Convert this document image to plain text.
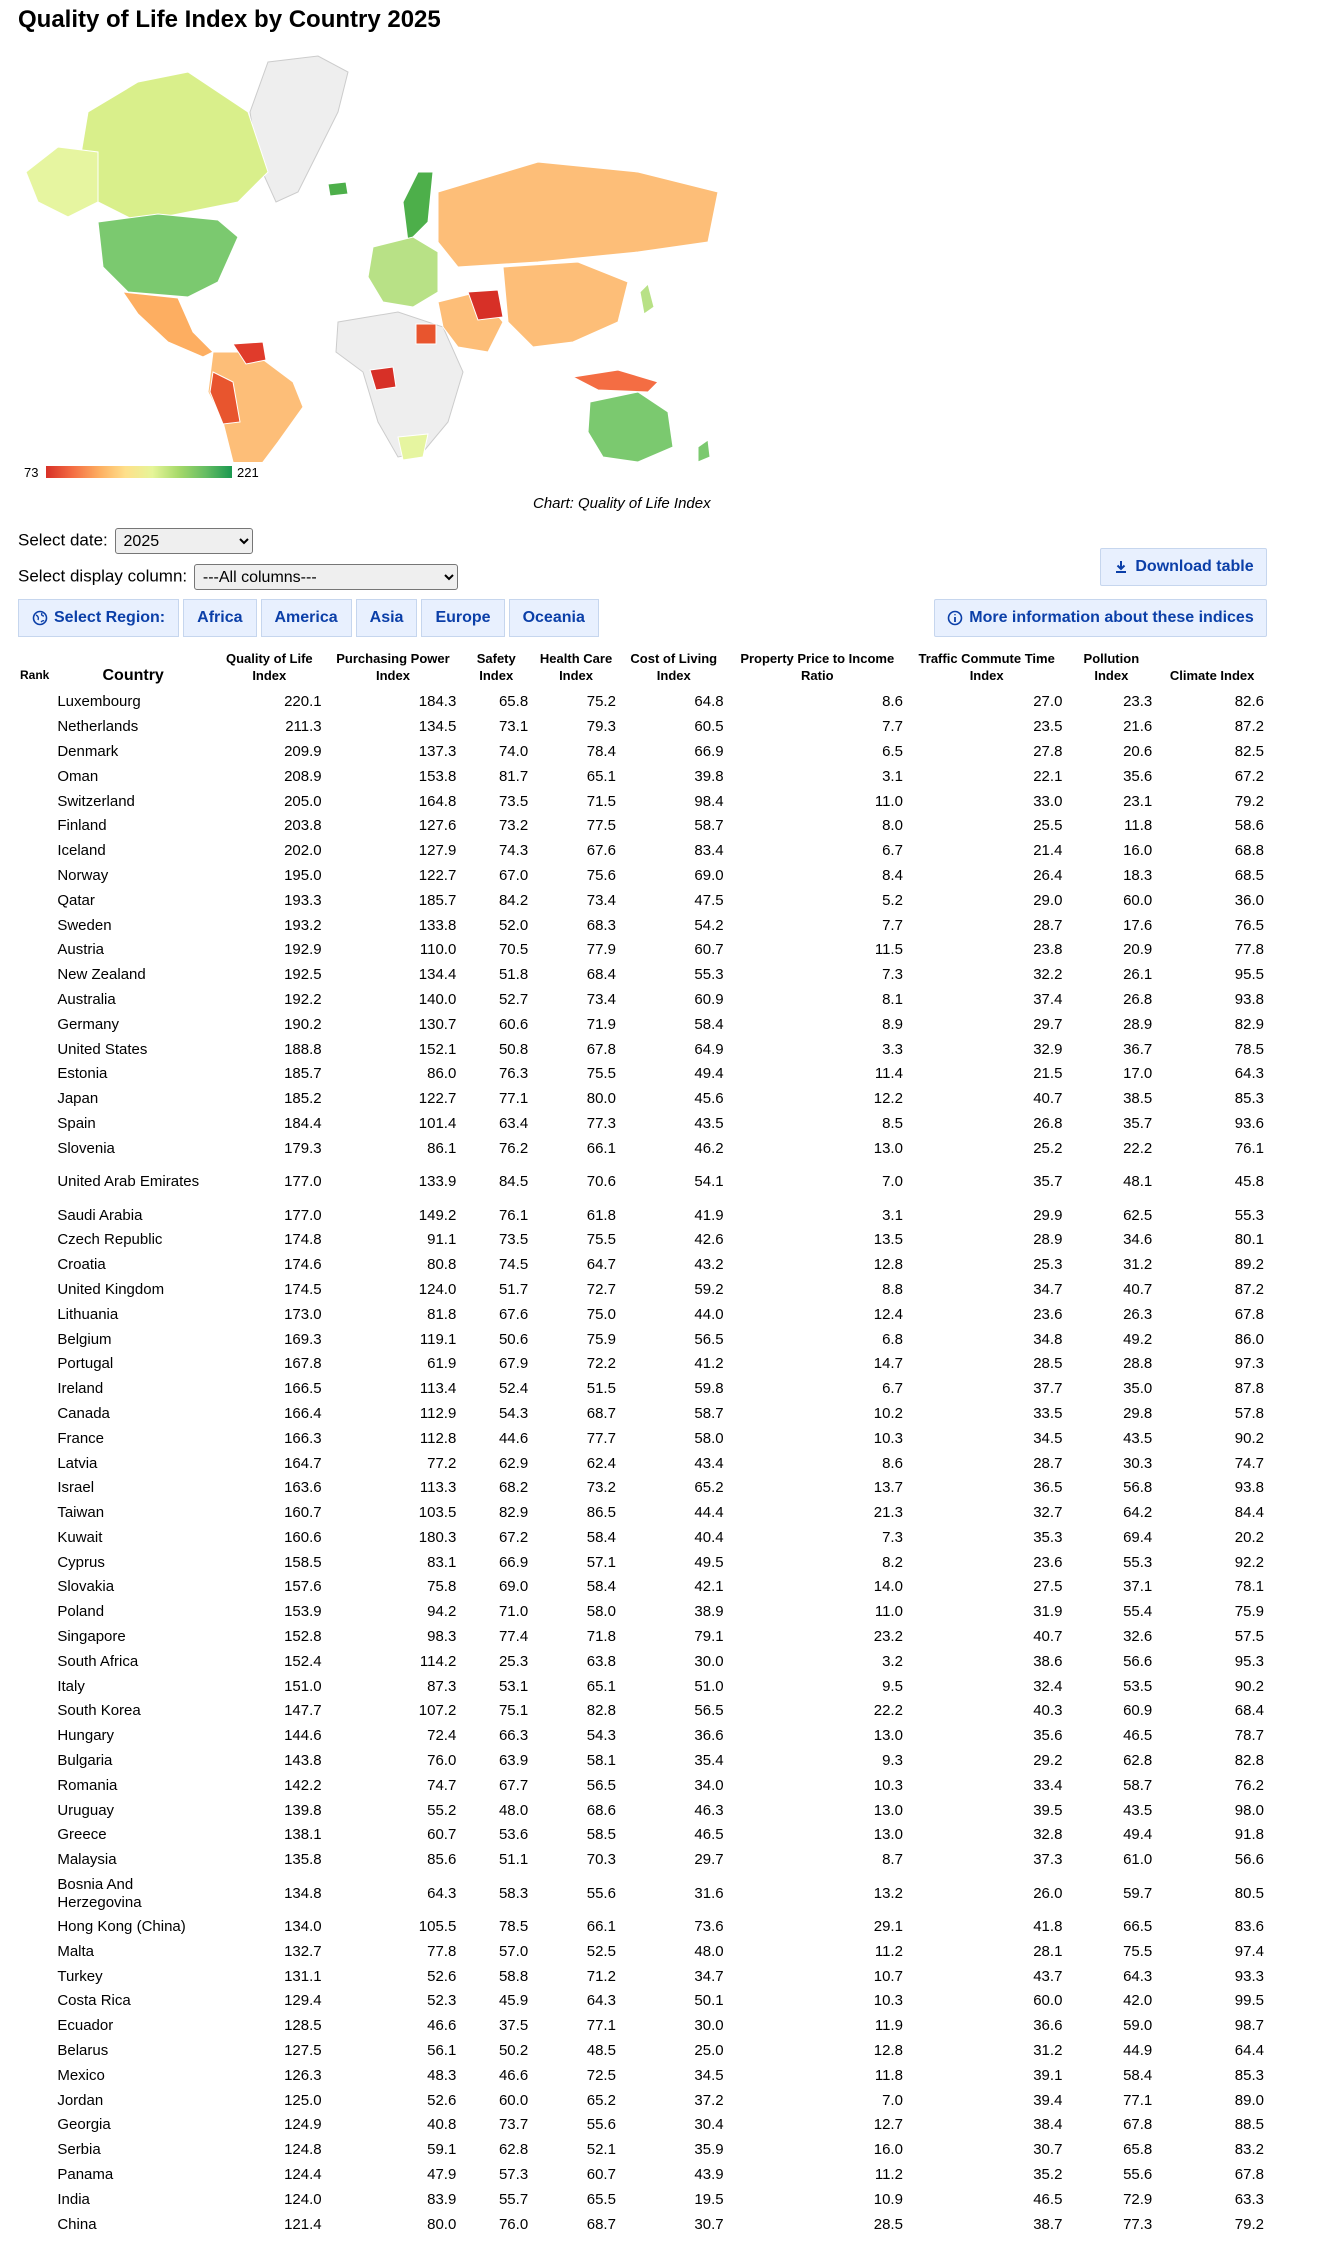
Quality of Life Index by Country 2025
73	221
Chart: Quality of Life Index
Select date:
2025
Select display column:
---All columns---	Download table
Select Region: Africa America Asia Europe Oceania	More information about these indices
Rank	Country	Quality of Life Index	Purchasing Power Index	Safety Index	Health Care Index	Cost of Living Index	Property Price to Income Ratio	Traffic Commute Time Index	Pollution Index	Climate Index
	Luxembourg	220.1	184.3	65.8	75.2	64.8	8.6	27.0	23.3	82.6
	Netherlands	211.3	134.5	73.1	79.3	60.5	7.7	23.5	21.6	87.2
	Denmark	209.9	137.3	74.0	78.4	66.9	6.5	27.8	20.6	82.5
	Oman	208.9	153.8	81.7	65.1	39.8	3.1	22.1	35.6	67.2
	Switzerland	205.0	164.8	73.5	71.5	98.4	11.0	33.0	23.1	79.2
	Finland	203.8	127.6	73.2	77.5	58.7	8.0	25.5	11.8	58.6
	Iceland	202.0	127.9	74.3	67.6	83.4	6.7	21.4	16.0	68.8
	Norway	195.0	122.7	67.0	75.6	69.0	8.4	26.4	18.3	68.5
	Qatar	193.3	185.7	84.2	73.4	47.5	5.2	29.0	60.0	36.0
	Sweden	193.2	133.8	52.0	68.3	54.2	7.7	28.7	17.6	76.5
	Austria	192.9	110.0	70.5	77.9	60.7	11.5	23.8	20.9	77.8
	New Zealand	192.5	134.4	51.8	68.4	55.3	7.3	32.2	26.1	95.5
	Australia	192.2	140.0	52.7	73.4	60.9	8.1	37.4	26.8	93.8
	Germany	190.2	130.7	60.6	71.9	58.4	8.9	29.7	28.9	82.9
	United States	188.8	152.1	50.8	67.8	64.9	3.3	32.9	36.7	78.5
	Estonia	185.7	86.0	76.3	75.5	49.4	11.4	21.5	17.0	64.3
	Japan	185.2	122.7	77.1	80.0	45.6	12.2	40.7	38.5	85.3
	Spain	184.4	101.4	63.4	77.3	43.5	8.5	26.8	35.7	93.6
	Slovenia	179.3	86.1	76.2	66.1	46.2	13.0	25.2	22.2	76.1
	United Arab Emirates	177.0	133.9	84.5	70.6	54.1	7.0	35.7	48.1	45.8
	Saudi Arabia	177.0	149.2	76.1	61.8	41.9	3.1	29.9	62.5	55.3
	Czech Republic	174.8	91.1	73.5	75.5	42.6	13.5	28.9	34.6	80.1
	Croatia	174.6	80.8	74.5	64.7	43.2	12.8	25.3	31.2	89.2
	United Kingdom	174.5	124.0	51.7	72.7	59.2	8.8	34.7	40.7	87.2
	Lithuania	173.0	81.8	67.6	75.0	44.0	12.4	23.6	26.3	67.8
	Belgium	169.3	119.1	50.6	75.9	56.5	6.8	34.8	49.2	86.0
	Portugal	167.8	61.9	67.9	72.2	41.2	14.7	28.5	28.8	97.3
	Ireland	166.5	113.4	52.4	51.5	59.8	6.7	37.7	35.0	87.8
	Canada	166.4	112.9	54.3	68.7	58.7	10.2	33.5	29.8	57.8
	France	166.3	112.8	44.6	77.7	58.0	10.3	34.5	43.5	90.2
	Latvia	164.7	77.2	62.9	62.4	43.4	8.6	28.7	30.3	74.7
	Israel	163.6	113.3	68.2	73.2	65.2	13.7	36.5	56.8	93.8
	Taiwan	160.7	103.5	82.9	86.5	44.4	21.3	32.7	64.2	84.4
	Kuwait	160.6	180.3	67.2	58.4	40.4	7.3	35.3	69.4	20.2
	Cyprus	158.5	83.1	66.9	57.1	49.5	8.2	23.6	55.3	92.2
	Slovakia	157.6	75.8	69.0	58.4	42.1	14.0	27.5	37.1	78.1
	Poland	153.9	94.2	71.0	58.0	38.9	11.0	31.9	55.4	75.9
	Singapore	152.8	98.3	77.4	71.8	79.1	23.2	40.7	32.6	57.5
	South Africa	152.4	114.2	25.3	63.8	30.0	3.2	38.6	56.6	95.3
	Italy	151.0	87.3	53.1	65.1	51.0	9.5	32.4	53.5	90.2
	South Korea	147.7	107.2	75.1	82.8	56.5	22.2	40.3	60.9	68.4
	Hungary	144.6	72.4	66.3	54.3	36.6	13.0	35.6	46.5	78.7
	Bulgaria	143.8	76.0	63.9	58.1	35.4	9.3	29.2	62.8	82.8
	Romania	142.2	74.7	67.7	56.5	34.0	10.3	33.4	58.7	76.2
	Uruguay	139.8	55.2	48.0	68.6	46.3	13.0	39.5	43.5	98.0
	Greece	138.1	60.7	53.6	58.5	46.5	13.0	32.8	49.4	91.8
	Malaysia	135.8	85.6	51.1	70.3	29.7	8.7	37.3	61.0	56.6
	Bosnia And Herzegovina	134.8	64.3	58.3	55.6	31.6	13.2	26.0	59.7	80.5
	Hong Kong (China)	134.0	105.5	78.5	66.1	73.6	29.1	41.8	66.5	83.6
	Malta	132.7	77.8	57.0	52.5	48.0	11.2	28.1	75.5	97.4
	Turkey	131.1	52.6	58.8	71.2	34.7	10.7	43.7	64.3	93.3
	Costa Rica	129.4	52.3	45.9	64.3	50.1	10.3	60.0	42.0	99.5
	Ecuador	128.5	46.6	37.5	77.1	30.0	11.9	36.6	59.0	98.7
	Belarus	127.5	56.1	50.2	48.5	25.0	12.8	31.2	44.9	64.4
	Mexico	126.3	48.3	46.6	72.5	34.5	11.8	39.1	58.4	85.3
	Jordan	125.0	52.6	60.0	65.2	37.2	7.0	39.4	77.1	89.0
	Georgia	124.9	40.8	73.7	55.6	30.4	12.7	38.4	67.8	88.5
	Serbia	124.8	59.1	62.8	52.1	35.9	16.0	30.7	65.8	83.2
	Panama	124.4	47.9	57.3	60.7	43.9	11.2	35.2	55.6	67.8
	India	124.0	83.9	55.7	65.5	19.5	10.9	46.5	72.9	63.3
	China	121.4	80.0	76.0	68.7	30.7	28.5	38.7	77.3	79.2
